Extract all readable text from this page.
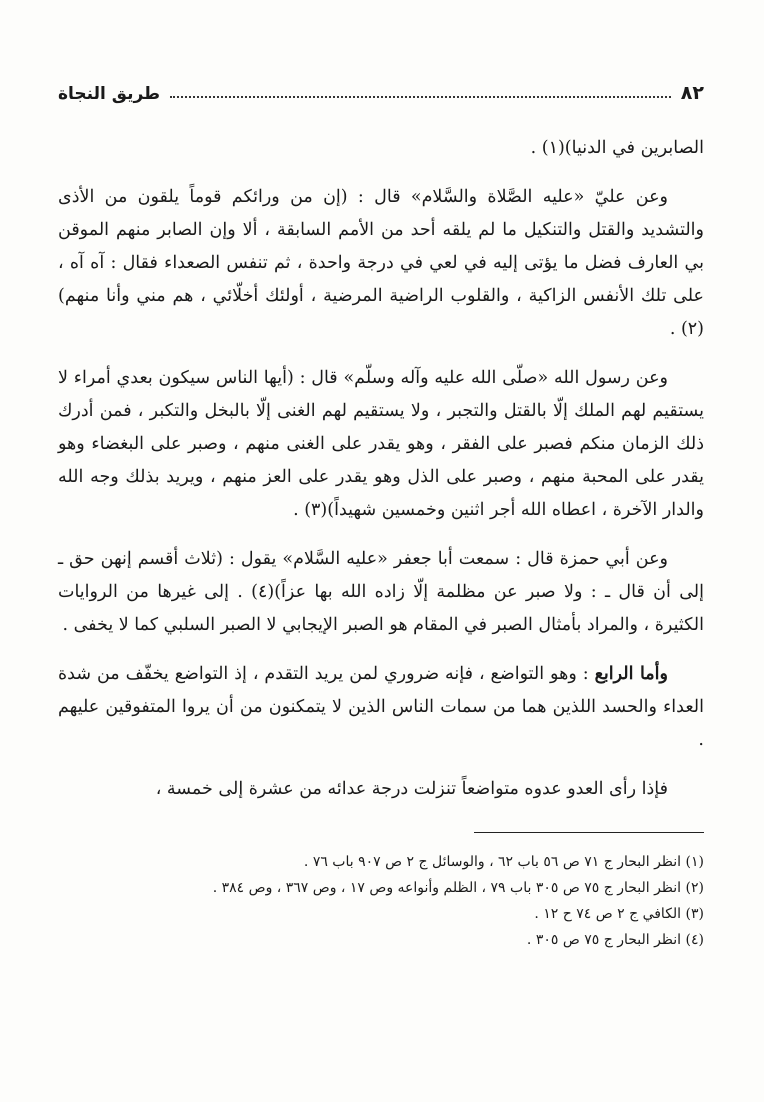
٨٢
طريق النجاة

الصابرين في الدنيا)(١) .

وعن عليّ «عليه الصَّلاة والسَّلام» قال : (إن من ورائكم قوماً يلقون من الأذى والتشديد والقتل والتنكيل ما لم يلقه أحد من الأمم السابقة ، ألا وإن الصابر منهم الموقن بي العارف فضل ما يؤتى إليه في لعي في درجة واحدة ، ثم تنفس الصعداء فقال : آه آه ، على تلك الأنفس الزاكية ، والقلوب الراضية المرضية ، أولئك أخلّائي ، هم مني وأنا منهم)(٢) .

وعن رسول الله «صلّى الله عليه وآله وسلّم» قال : (أيها الناس سيكون بعدي أمراء لا يستقيم لهم الملك إلّا بالقتل والتجبر ، ولا يستقيم لهم الغنى إلّا بالبخل والتكبر ، فمن أدرك ذلك الزمان منكم فصبر على الفقر ، وهو يقدر على الغنى منهم ، وصبر على البغضاء وهو يقدر على المحبة منهم ، وصبر على الذل وهو يقدر على العز منهم ، ويريد بذلك وجه الله والدار الآخرة ، اعطاه الله أجر اثنين وخمسين شهيداً)(٣) .

وعن أبي حمزة قال : سمعت أبا جعفر «عليه السَّلام» يقول : (ثلاث أقسم إنهن حق ـ إلى أن قال ـ : ولا صبر عن مظلمة إلّا زاده الله بها عزاً)(٤) . إلى غيرها من الروايات الكثيرة ، والمراد بأمثال الصبر في المقام هو الصبر الإيجابي لا الصبر السلبي كما لا يخفى .

وأما الرابع : وهو التواضع ، فإنه ضروري لمن يريد التقدم ، إذ التواضع يخفّف من شدة العداء والحسد اللذين هما من سمات الناس الذين لا يتمكنون من أن يروا المتفوقين عليهم .

فإذا رأى العدو عدوه متواضعاً تنزلت درجة عدائه من عشرة إلى خمسة ،

(١) انظر البحار ج ٧١ ص ٥٦ باب ٦٢ ، والوسائل ج ٢ ص ٩٠٧ باب ٧٦ .

(٢) انظر البحار ج ٧٥ ص ٣٠٥ باب ٧٩ ، الظلم وأنواعه وص ١٧ ، وص ٣٦٧ ، وص ٣٨٤ .

(٣) الكافي ج ٢ ص ٧٤ ح ١٢ .

(٤) انظر البحار ج ٧٥ ص ٣٠٥ .
